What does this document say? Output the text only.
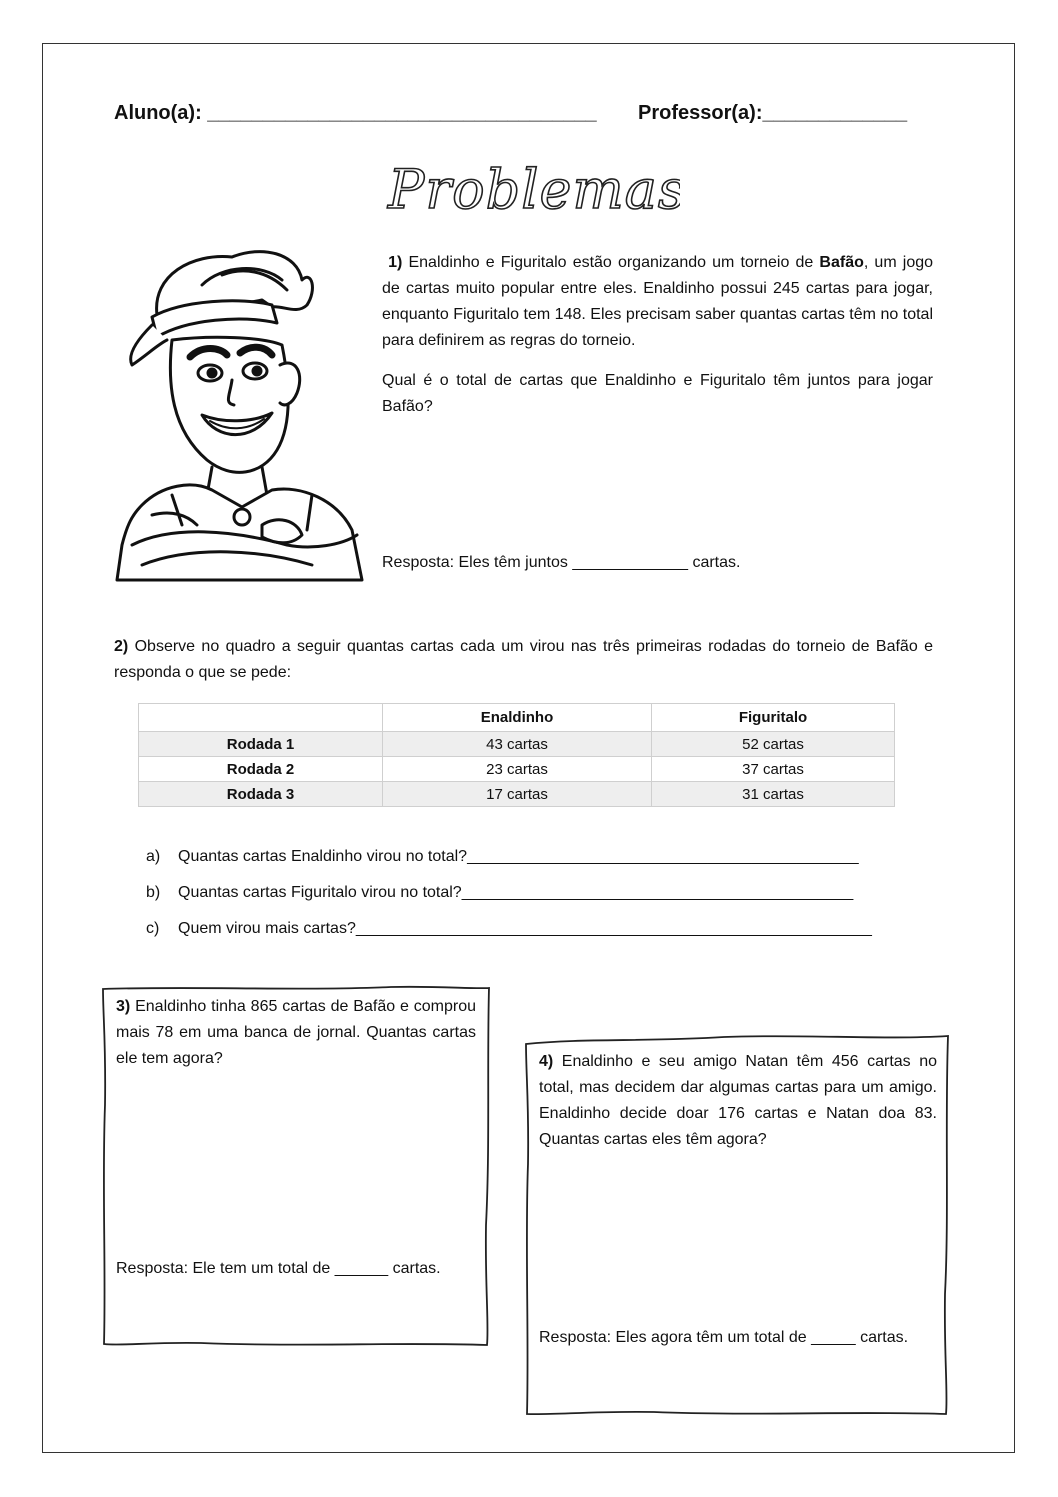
Aluno(a): ___________________________________ Professor(a):_____________
Problemas

1) Enaldinho e Figuritalo estão organizando um torneio de Bafão, um jogo de cartas muito popular entre eles. Enaldinho possui 245 cartas para jogar, enquanto Figuritalo tem 148. Eles precisam saber quantas cartas têm no total para definirem as regras do torneio.

Qual é o total de cartas que Enaldinho e Figuritalo têm juntos para jogar Bafão?

Resposta: Eles têm juntos _____________ cartas.
2) Observe no quadro a seguir quantas cartas cada um virou nas três primeiras rodadas do torneio de Bafão e responda o que se pede:
	Enaldinho	Figuritalo
Rodada 1	43 cartas	52 cartas
Rodada 2	23 cartas	37 cartas
Rodada 3	17 cartas	31 cartas
a) Quantas cartas Enaldinho virou no total?____________________________________________
b) Quantas cartas Figuritalo virou no total?____________________________________________
c) Quem virou mais cartas?__________________________________________________________
3) Enaldinho tinha 865 cartas de Bafão e comprou mais 78 em uma banca de jornal. Quantas cartas ele tem agora?
Resposta: Ele tem um total de ______ cartas.
4) Enaldinho e seu amigo Natan têm 456 cartas no total, mas decidem dar algumas cartas para um amigo. Enaldinho decide doar 176 cartas e Natan doa 83. Quantas cartas eles têm agora?
Resposta: Eles agora têm um total de _____ cartas.
